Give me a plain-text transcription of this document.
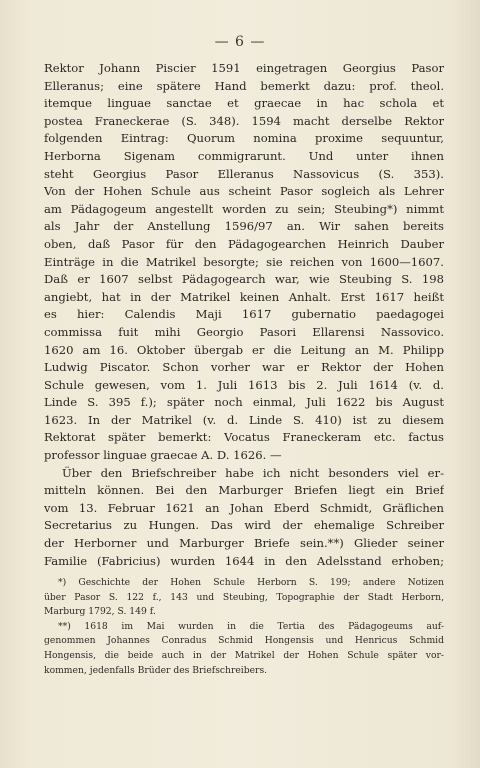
— 6 —
Rektor Johann Piscier 1591 eingetragen Georgius Pasor
Elleranus; eine spätere Hand bemerkt dazu: prof. theol.
itemque linguae sanctae et graecae in hac schola et
postea Franeckerae (S. 348). 1594 macht derselbe Rektor
folgenden Eintrag: Quorum nomina proxime sequuntur,
Herborna Sigenam commigrarunt. Und unter ihnen
steht Georgius Pasor Elleranus Nassovicus (S. 353).
Von der Hohen Schule aus scheint Pasor sogleich als Lehrer
am Pädagogeum angestellt worden zu sein; Steubing*) nimmt
als Jahr der Anstellung 1596/97 an. Wir sahen bereits
oben, daß Pasor für den Pädagogearchen Heinrich Dauber
Einträge in die Matrikel besorgte; sie reichen von 1600—1607.
Daß er 1607 selbst Pädagogearch war, wie Steubing S. 198
angiebt, hat in der Matrikel keinen Anhalt. Erst 1617 heißt
es hier: Calendis Maji 1617 gubernatio paedagogei
commissa fuit mihi Georgio Pasori Ellarensi Nassovico.
1620 am 16. Oktober übergab er die Leitung an M. Philipp
Ludwig Piscator. Schon vorher war er Rektor der Hohen
Schule gewesen, vom 1. Juli 1613 bis 2. Juli 1614 (v. d.
Linde S. 395 f.); später noch einmal, Juli 1622 bis August
1623. In der Matrikel (v. d. Linde S. 410) ist zu diesem
Rektorat später bemerkt: Vocatus Franeckeram etc. factus
professor linguae graecae A. D. 1626. —
Über den Briefschreiber habe ich nicht besonders viel er-
mitteln können. Bei den Marburger Briefen liegt ein Brief
vom 13. Februar 1621 an Johan Eberd Schmidt, Gräflichen
Secretarius zu Hungen. Das wird der ehemalige Schreiber
der Herborner und Marburger Briefe sein.**) Glieder seiner
Familie (Fabricius) wurden 1644 in den Adelsstand erhoben;
*) Geschichte der Hohen Schule Herborn S. 199; andere Notizen
über Pasor S. 122 f., 143 und Steubing, Topographie der Stadt Herborn,
Marburg 1792, S. 149 f.
**) 1618 im Mai wurden in die Tertia des Pädagogeums auf-
genommen Johannes Conradus Schmid Hongensis und Henricus Schmid
Hongensis, die beide auch in der Matrikel der Hohen Schule später vor-
kommen, jedenfalls Brüder des Briefschreibers.
